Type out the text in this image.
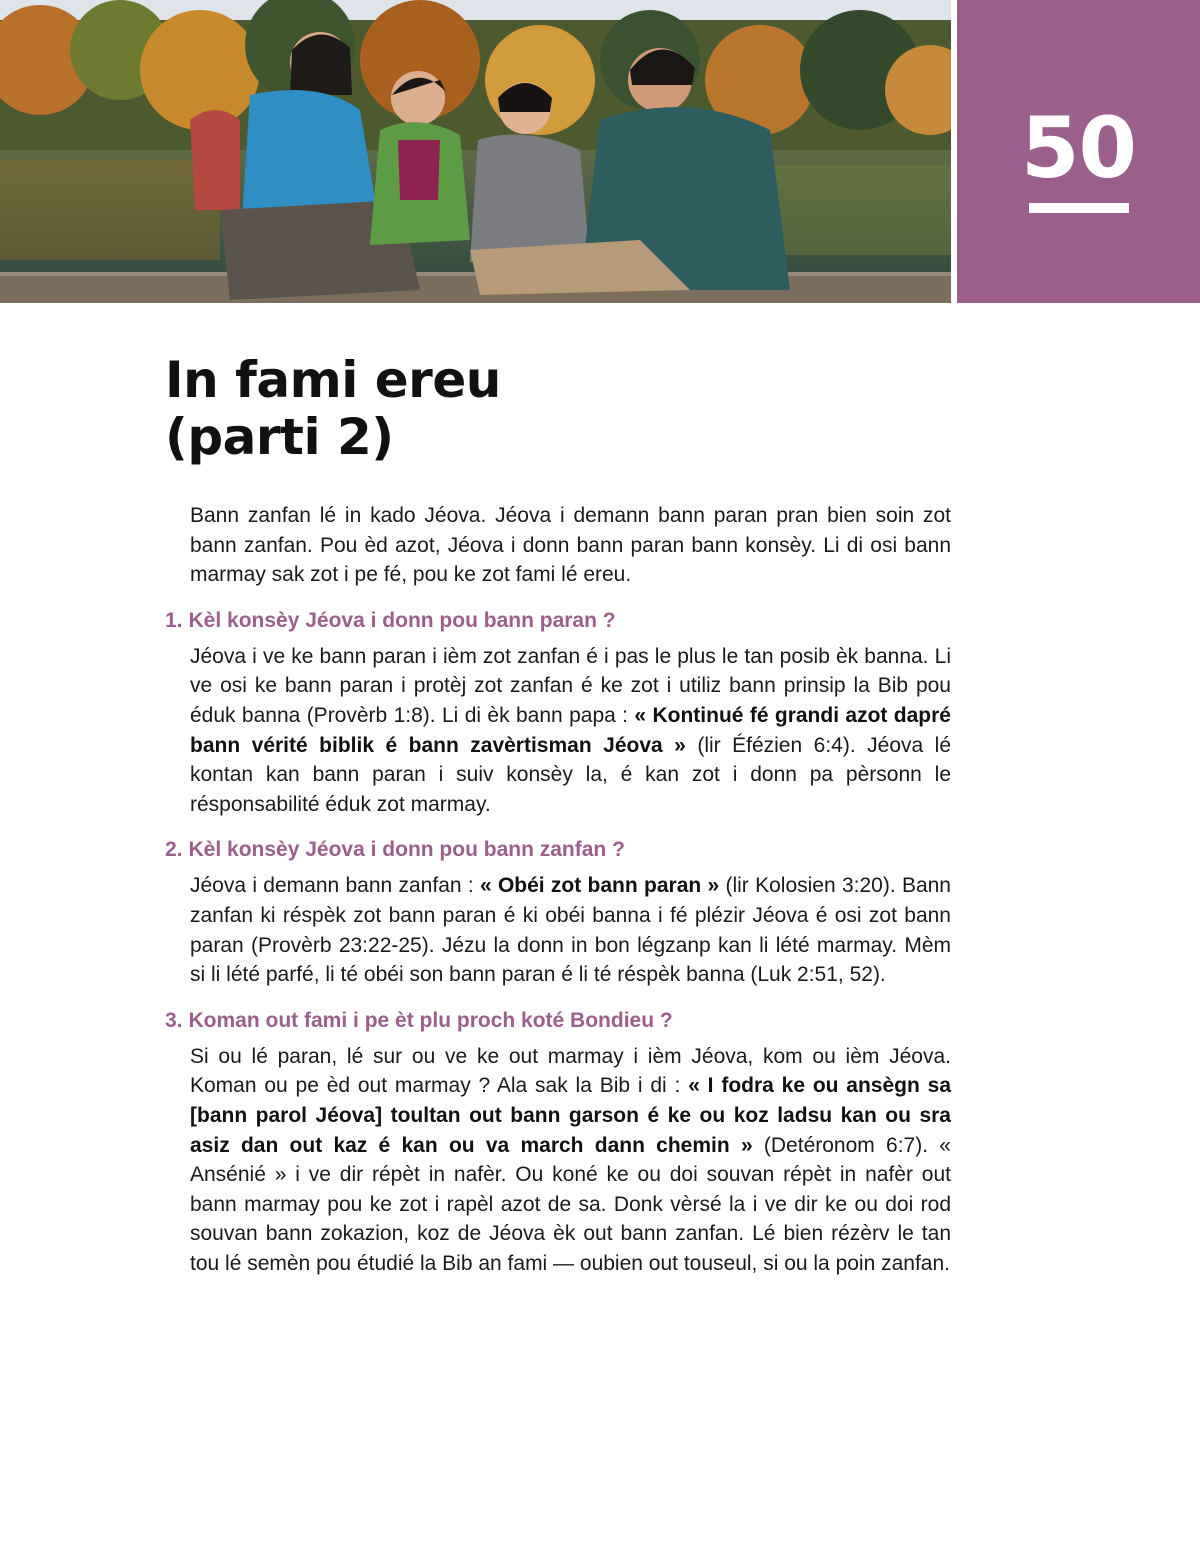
50
In fami ereu
(parti 2)

Bann zanfan lé in kado Jéova. Jéova i demann bann paran pran bien soin zot bann zanfan. Pou èd azot, Jéova i donn bann paran bann konsèy. Li di osi bann marmay sak zot i pe fé, pou ke zot fami lé ereu.

1. Kèl konsèy Jéova i donn pou bann paran ?

Jéova i ve ke bann paran i ièm zot zanfan é i pas le plus le tan posib èk banna. Li ve osi ke bann paran i protèj zot zanfan é ke zot i utiliz bann prinsip la Bib pou éduk banna (Provèrb 1:8). Li di èk bann papa : « Kontinué fé grandi azot dapré bann vérité biblik é bann zavèrtisman Jéova » (lir Éfézien 6:4). Jéova lé kontan kan bann paran i suiv konsèy la, é kan zot i donn pa pèrsonn le résponsabilité éduk zot marmay.

2. Kèl konsèy Jéova i donn pou bann zanfan ?

Jéova i demann bann zanfan : « Obéi zot bann paran » (lir Kolosien 3:20). Bann zanfan ki réspèk zot bann paran é ki obéi banna i fé plézir Jéova é osi zot bann paran (Provèrb 23:22-25). Jézu la donn in bon légzanp kan li lété marmay. Mèm si li lété parfé, li té obéi son bann paran é li té réspèk banna (Luk 2:51, 52).

3. Koman out fami i pe èt plu proch koté Bondieu ?

Si ou lé paran, lé sur ou ve ke out marmay i ièm Jéova, kom ou ièm Jéova. Koman ou pe èd out marmay ? Ala sak la Bib i di : « I fodra ke ou ansègn sa [bann parol Jéova] toultan out bann garson é ke ou koz ladsu kan ou sra asiz dan out kaz é kan ou va march dann chemin » (Detéronom 6:7). « Ansénié » i ve dir répèt in nafèr. Ou koné ke ou doi souvan répèt in nafèr out bann marmay pou ke zot i rapèl azot de sa. Donk vèrsé la i ve dir ke ou doi rod souvan bann zokazion, koz de Jéova èk out bann zanfan. Lé bien rézèrv le tan tou lé semèn pou étudié la Bib an fami — oubien out touseul, si ou la poin zanfan.
